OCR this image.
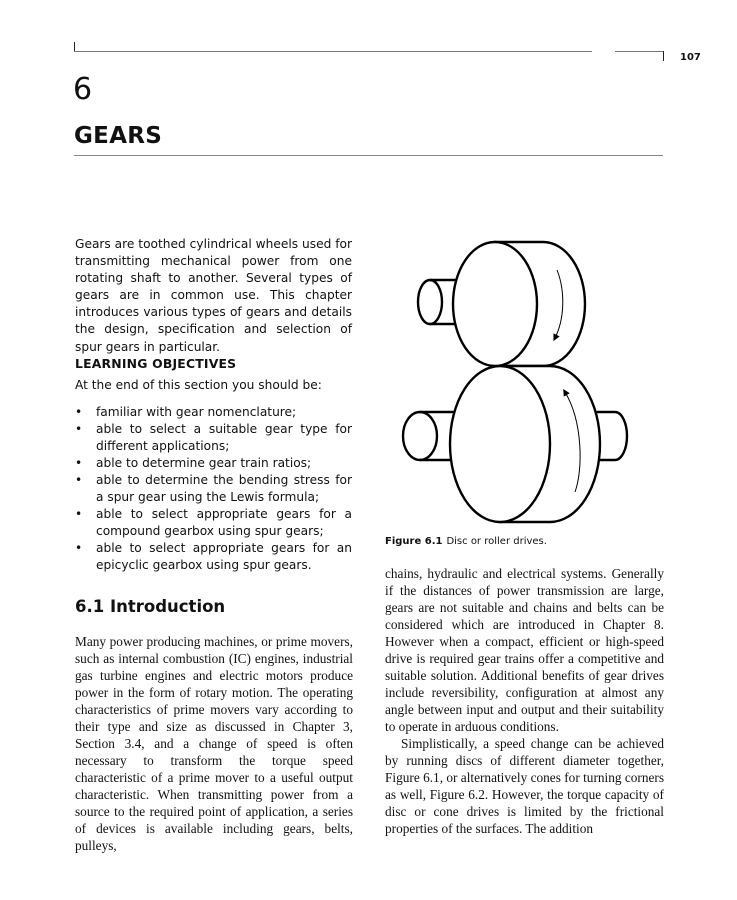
107
6
GEARS
Gears are toothed cylindrical wheels used for transmitting mechanical power from one rotating shaft to another. Several types of gears are in common use. This chapter introduces various types of gears and details the design, specification and selection of spur gears in particular.
LEARNING OBJECTIVES
At the end of this section you should be:
• familiar with gear nomenclature;
• able to select a suitable gear type for different applications;
• able to determine gear train ratios;
• able to determine the bending stress for a spur gear using the Lewis formula;
• able to select appropriate gears for a compound gearbox using spur gears;
• able to select appropriate gears for an epicyclic gearbox using spur gears.
6.1 Introduction
Many power producing machines, or prime movers, such as internal combustion (IC) engines, industrial gas turbine engines and electric motors produce power in the form of rotary motion. The operating characteristics of prime movers vary according to their type and size as discussed in Chapter 3, Section 3.4, and a change of speed is often necessary to transform the torque speed characteristic of a prime mover to a useful output characteristic. When transmitting power from a source to the required point of application, a series of devices is available including gears, belts, pulleys,

chains, hydraulic and electrical systems. Generally if the distances of power transmission are large, gears are not suitable and chains and belts can be considered which are introduced in Chapter 8. However when a compact, efficient or high-speed drive is required gear trains offer a competitive and suitable solution. Additional benefits of gear drives include reversibility, configuration at almost any angle between input and output and their suitability to operate in arduous conditions.

Simplistically, a speed change can be achieved by running discs of different diameter together, Figure 6.1, or alternatively cones for turning corners as well, Figure 6.2. However, the torque capacity of disc or cone drives is limited by the frictional properties of the surfaces. The addition

Figure 6.1 Disc or roller drives.
